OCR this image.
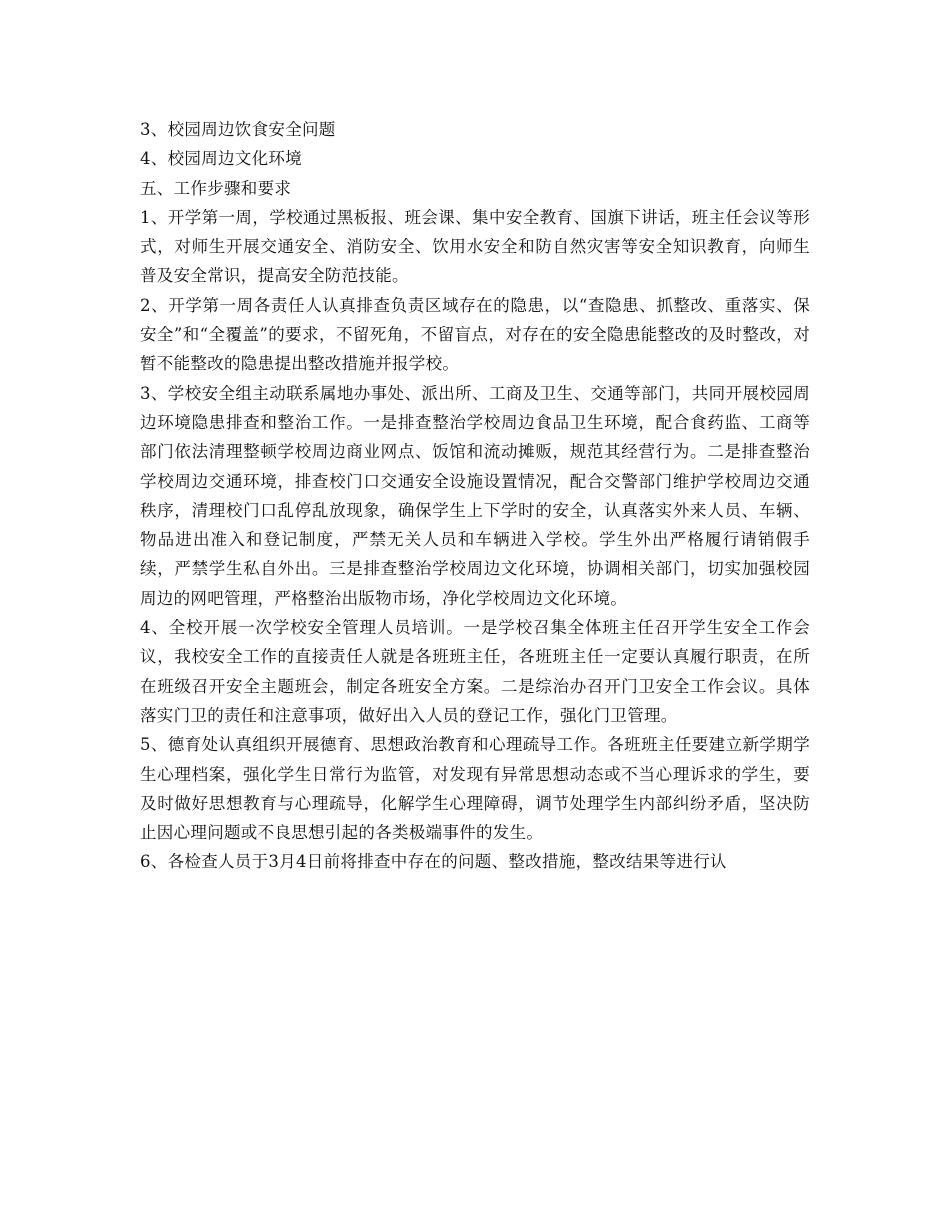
3、校园周边饮食安全问题

4、校园周边文化环境

五、工作步骤和要求

1、开学第一周，学校通过黑板报、班会课、集中安全教育、国旗下讲话，班主任会议等形式，对师生开展交通安全、消防安全、饮用水安全和防自然灾害等安全知识教育，向师生普及安全常识，提高安全防范技能。

2、开学第一周各责任人认真排查负责区域存在的隐患，以“查隐患、抓整改、重落实、保安全”和“全覆盖”的要求，不留死角，不留盲点，对存在的安全隐患能整改的及时整改，对暂不能整改的隐患提出整改措施并报学校。

3、学校安全组主动联系属地办事处、派出所、工商及卫生、交通等部门，共同开展校园周边环境隐患排查和整治工作。一是排查整治学校周边食品卫生环境，配合食药监、工商等部门依法清理整顿学校周边商业网点、饭馆和流动摊贩，规范其经营行为。二是排查整治学校周边交通环境，排查校门口交通安全设施设置情况，配合交警部门维护学校周边交通秩序，清理校门口乱停乱放现象，确保学生上下学时的安全，认真落实外来人员、车辆、物品进出准入和登记制度，严禁无关人员和车辆进入学校。学生外出严格履行请销假手续，严禁学生私自外出。三是排查整治学校周边文化环境，协调相关部门，切实加强校园周边的网吧管理，严格整治出版物市场，净化学校周边文化环境。

4、全校开展一次学校安全管理人员培训。一是学校召集全体班主任召开学生安全工作会议，我校安全工作的直接责任人就是各班班主任，各班班主任一定要认真履行职责，在所在班级召开安全主题班会，制定各班安全方案。二是综治办召开门卫安全工作会议。具体落实门卫的责任和注意事项，做好出入人员的登记工作，强化门卫管理。

5、德育处认真组织开展德育、思想政治教育和心理疏导工作。各班班主任要建立新学期学生心理档案，强化学生日常行为监管，对发现有异常思想动态或不当心理诉求的学生，要及时做好思想教育与心理疏导，化解学生心理障碍，调节处理学生内部纠纷矛盾，坚决防止因心理问题或不良思想引起的各类极端事件的发生。

6、各检查人员于3月4日前将排查中存在的问题、整改措施，整改结果等进行认
